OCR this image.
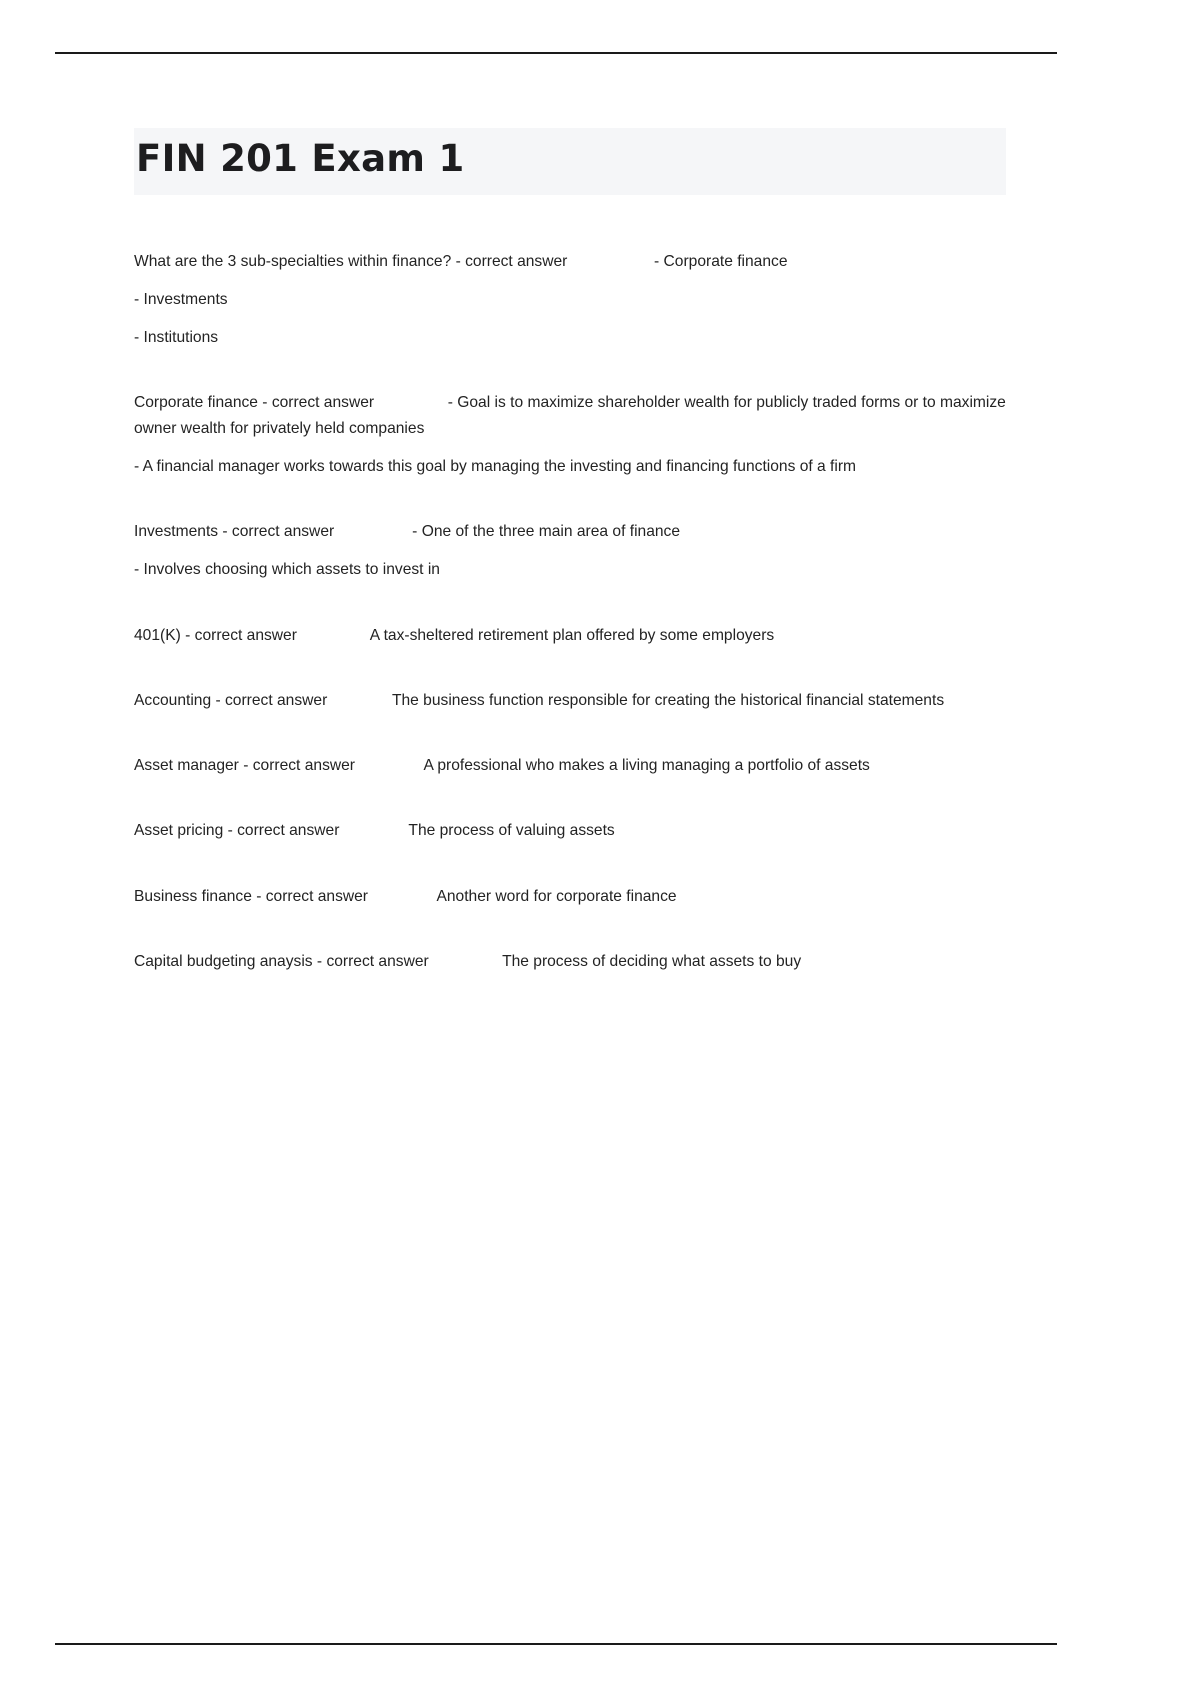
FIN 201 Exam 1

What are the 3 sub-specialties within finance? - correct answer                    - Corporate finance

- Investments

- Institutions

Corporate finance - correct answer                 - Goal is to maximize shareholder wealth for publicly traded forms or to maximize owner wealth for privately held companies

- A financial manager works towards this goal by managing the investing and financing functions of a firm

Investments - correct answer                  - One of the three main area of finance

- Involves choosing which assets to invest in

401(K) - correct answer                 A tax-sheltered retirement plan offered by some employers

Accounting - correct answer               The business function responsible for creating the historical financial statements

Asset manager - correct answer                A professional who makes a living managing a portfolio of assets

Asset pricing - correct answer                The process of valuing assets

Business finance - correct answer                Another word for corporate finance

Capital budgeting anaysis - correct answer                 The process of deciding what assets to buy
